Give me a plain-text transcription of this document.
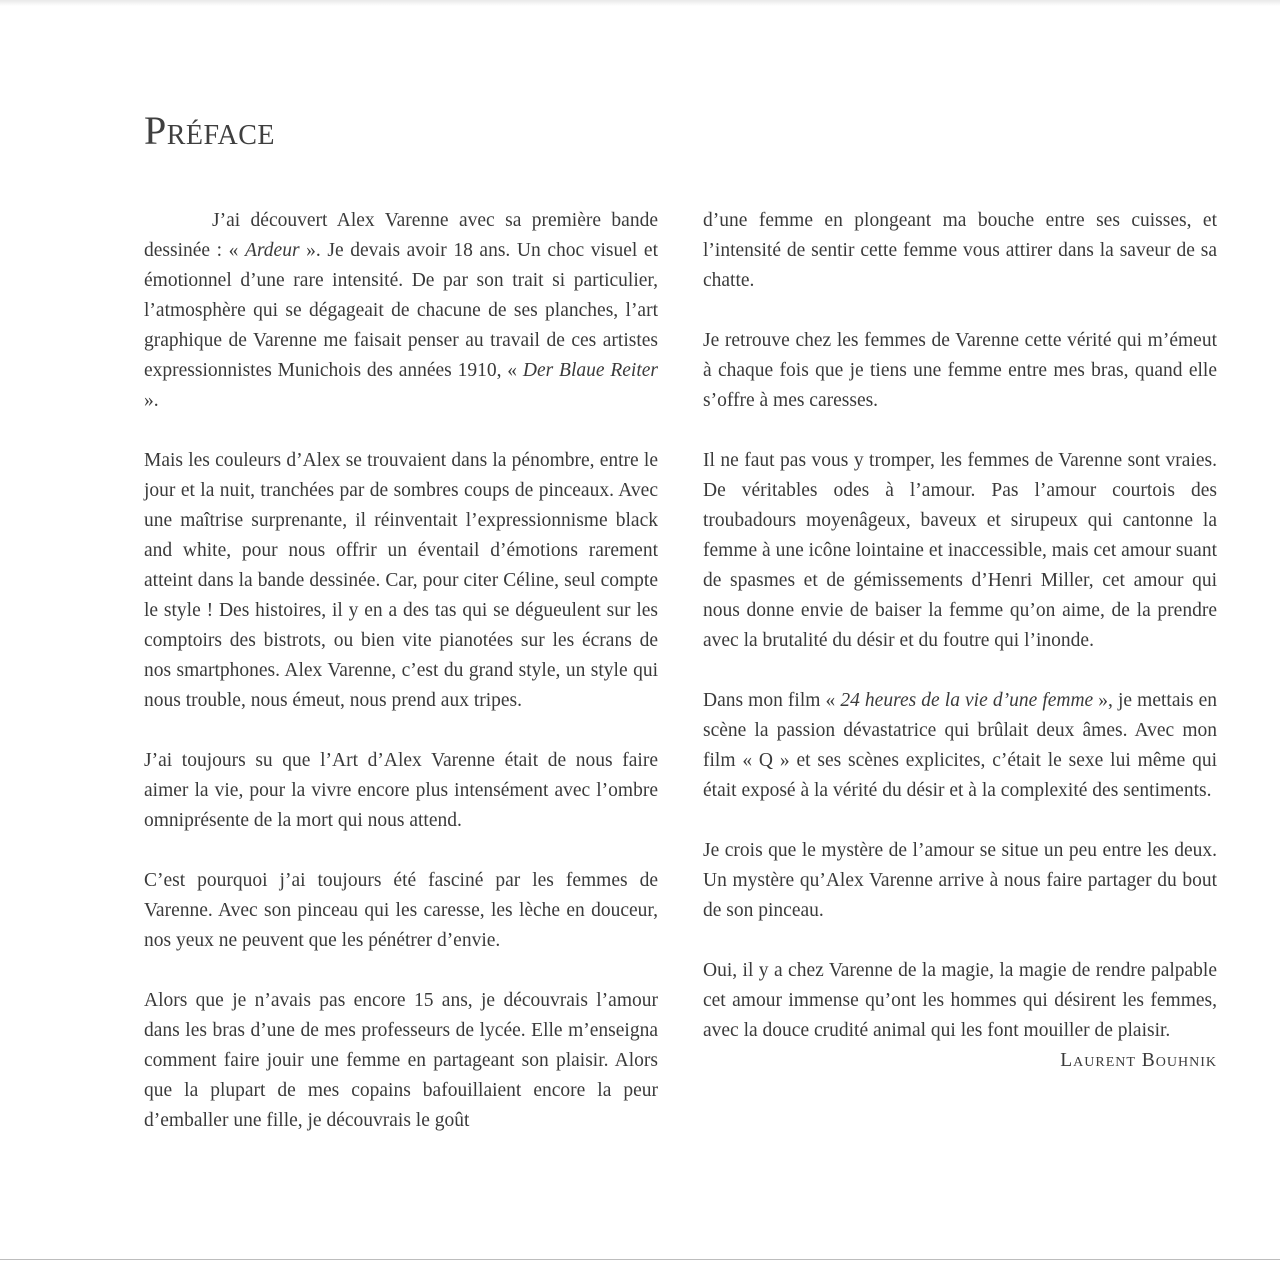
Préface

J’ai découvert Alex Varenne avec sa première bande dessinée : « Ardeur ». Je devais avoir 18 ans. Un choc visuel et émotionnel d’une rare intensité. De par son trait si particulier, l’atmosphère qui se dégageait de chacune de ses planches, l’art graphique de Varenne me faisait penser au travail de ces artistes expressionnistes Munichois des années 1910, « Der Blaue Reiter ».

Mais les couleurs d’Alex se trouvaient dans la pénombre, entre le jour et la nuit, tranchées par de sombres coups de pinceaux. Avec une maîtrise surprenante, il réinventait l’expressionnisme black and white, pour nous offrir un éventail d’émotions rarement atteint dans la bande dessinée. Car, pour citer Céline, seul compte le style ! Des histoires, il y en a des tas qui se dégueulent sur les comptoirs des bistrots, ou bien vite pianotées sur les écrans de nos smartphones. Alex Varenne, c’est du grand style, un style qui nous trouble, nous émeut, nous prend aux tripes.

J’ai toujours su que l’Art d’Alex Varenne était de nous faire aimer la vie, pour la vivre encore plus intensément avec l’ombre omniprésente de la mort qui nous attend.

C’est pourquoi j’ai toujours été fasciné par les femmes de Varenne. Avec son pinceau qui les caresse, les lèche en douceur, nos yeux ne peuvent que les pénétrer d’envie.

Alors que je n’avais pas encore 15 ans, je découvrais l’amour dans les bras d’une de mes professeurs de lycée. Elle m’enseigna comment faire jouir une femme en partageant son plaisir. Alors que la plupart de mes copains bafouillaient encore la peur d’emballer une fille, je découvrais le goût

d’une femme en plongeant ma bouche entre ses cuisses, et l’intensité de sentir cette femme vous attirer dans la saveur de sa chatte.

Je retrouve chez les femmes de Varenne cette vérité qui m’émeut à chaque fois que je tiens une femme entre mes bras, quand elle s’offre à mes caresses.

Il ne faut pas vous y tromper, les femmes de Varenne sont vraies. De véritables odes à l’amour. Pas l’amour courtois des troubadours moyenâgeux, baveux et sirupeux qui cantonne la femme à une icône lointaine et inaccessible, mais cet amour suant de spasmes et de gémissements d’Henri Miller, cet amour qui nous donne envie de baiser la femme qu’on aime, de la prendre avec la brutalité du désir et du foutre qui l’inonde.

Dans mon film « 24 heures de la vie d’une femme », je mettais en scène la passion dévastatrice qui brûlait deux âmes. Avec mon film « Q » et ses scènes explicites, c’était le sexe lui même qui était exposé à la vérité du désir et à la complexité des sentiments.

Je crois que le mystère de l’amour se situe un peu entre les deux. Un mystère qu’Alex Varenne arrive à nous faire partager du bout de son pinceau.

Oui, il y a chez Varenne de la magie, la magie de rendre palpable cet amour immense qu’ont les hommes qui désirent les femmes, avec la douce crudité animal qui les font mouiller de plaisir.

Laurent Bouhnik
